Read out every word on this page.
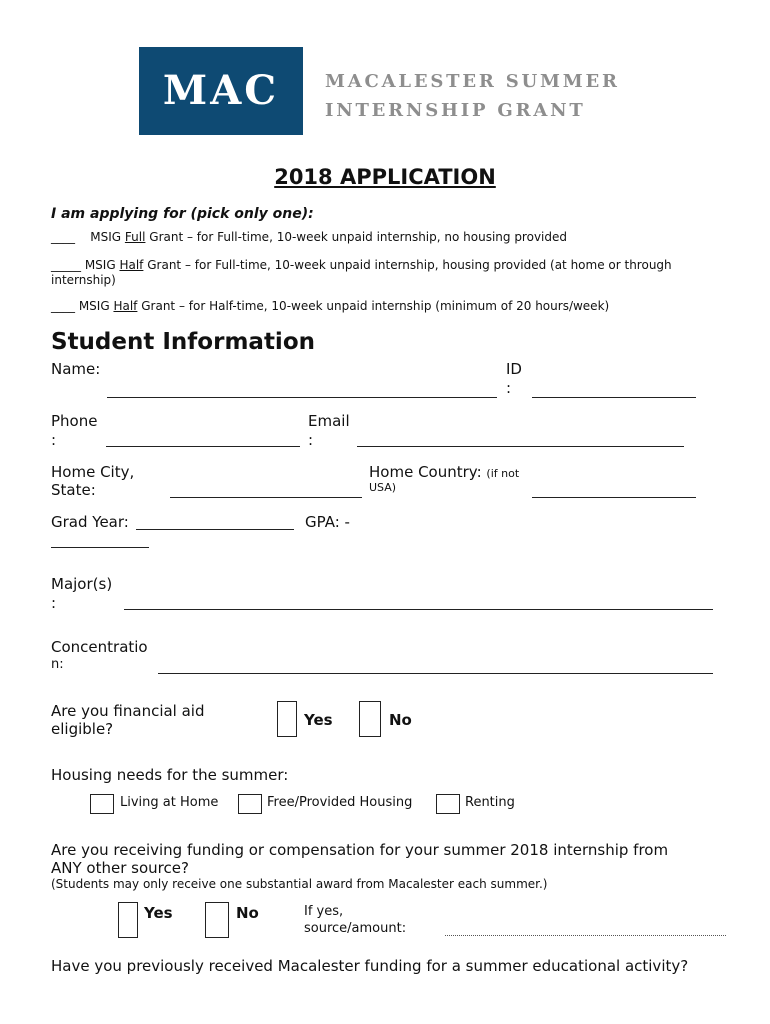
MAC	MACALESTER SUMMER
INTERNSHIP GRANT
2018 APPLICATION
I am applying for (pick only one):
____ MSIG Full Grant – for Full-time, 10-week unpaid internship, no housing provided
_____ MSIG Half Grant – for Full-time, 10-week unpaid internship, housing provided (at home or through
internship)
____ MSIG Half Grant – for Half-time, 10-week unpaid internship (minimum of 20 hours/week)
Student Information
Name:	ID
:
Phone
:
Email
:
Home City,
State:
Home Country: (if not
USA)
Grad Year:	GPA: -
Major(s)
:
Concentratio
n:
Are you financial aid
eligible?	Yes	No
Housing needs for the summer:
Living at Home	Free/Provided Housing	Renting
Are you receiving funding or compensation for your summer 2018 internship from
ANY other source?
(Students may only receive one substantial award from Macalester each summer.)
Yes	No	If yes,
source/amount:
Have you previously received Macalester funding for a summer educational activity?
